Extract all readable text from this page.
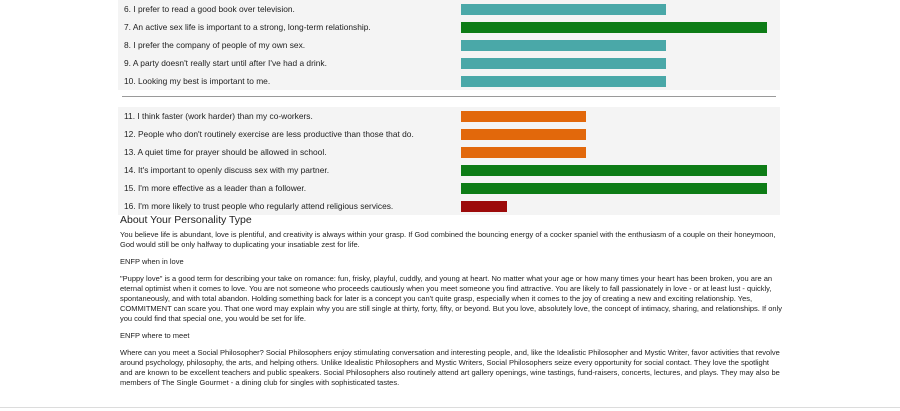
6. I prefer to read a good book over television.
7. An active sex life is important to a strong, long-term relationship.
8. I prefer the company of people of my own sex.
9. A party doesn't really start until after I've had a drink.
10. Looking my best is important to me.
11. I think faster (work harder) than my co-workers.
12. People who don't routinely exercise are less productive than those that do.
13. A quiet time for prayer should be allowed in school.
14. It's important to openly discuss sex with my partner.
15. I'm more effective as a leader than a follower.
16. I'm more likely to trust people who regularly attend religious services.
About Your Personality Type

You believe life is abundant, love is plentiful, and creativity is always within your grasp. If God combined the bouncing energy of a cocker spaniel with the enthusiasm of a couple on their honeymoon, God would still be only halfway to duplicating your insatiable zest for life.

ENFP when in love

"Puppy love" is a good term for describing your take on romance: fun, frisky, playful, cuddly, and young at heart. No matter what your age or how many times your heart has been broken, you are an eternal optimist when it comes to love. You are not someone who proceeds cautiously when you meet someone you find attractive. You are likely to fall passionately in love - or at least lust - quickly, spontaneously, and with total abandon. Holding something back for later is a concept you can't quite grasp, especially when it comes to the joy of creating a new and exciting relationship. Yes, COMMITMENT can scare you. That one word may explain why you are still single at thirty, forty, fifty, or beyond. But you love, absolutely love, the concept of intimacy, sharing, and relationships. If only you could find that special one, you would be set for life.

ENFP where to meet

Where can you meet a Social Philosopher? Social Philosophers enjoy stimulating conversation and interesting people, and, like the Idealistic Philosopher and Mystic Writer, favor activities that revolve around psychology, philosophy, the arts, and helping others. Unlike Idealistic Philosophers and Mystic Writers, Social Philosophers seize every opportunity for social contact. They love the spotlight and are known to be excellent teachers and public speakers. Social Philosophers also routinely attend art gallery openings, wine tastings, fund-raisers, concerts, lectures, and plays. They may also be members of The Single Gourmet - a dining club for singles with sophisticated tastes.
